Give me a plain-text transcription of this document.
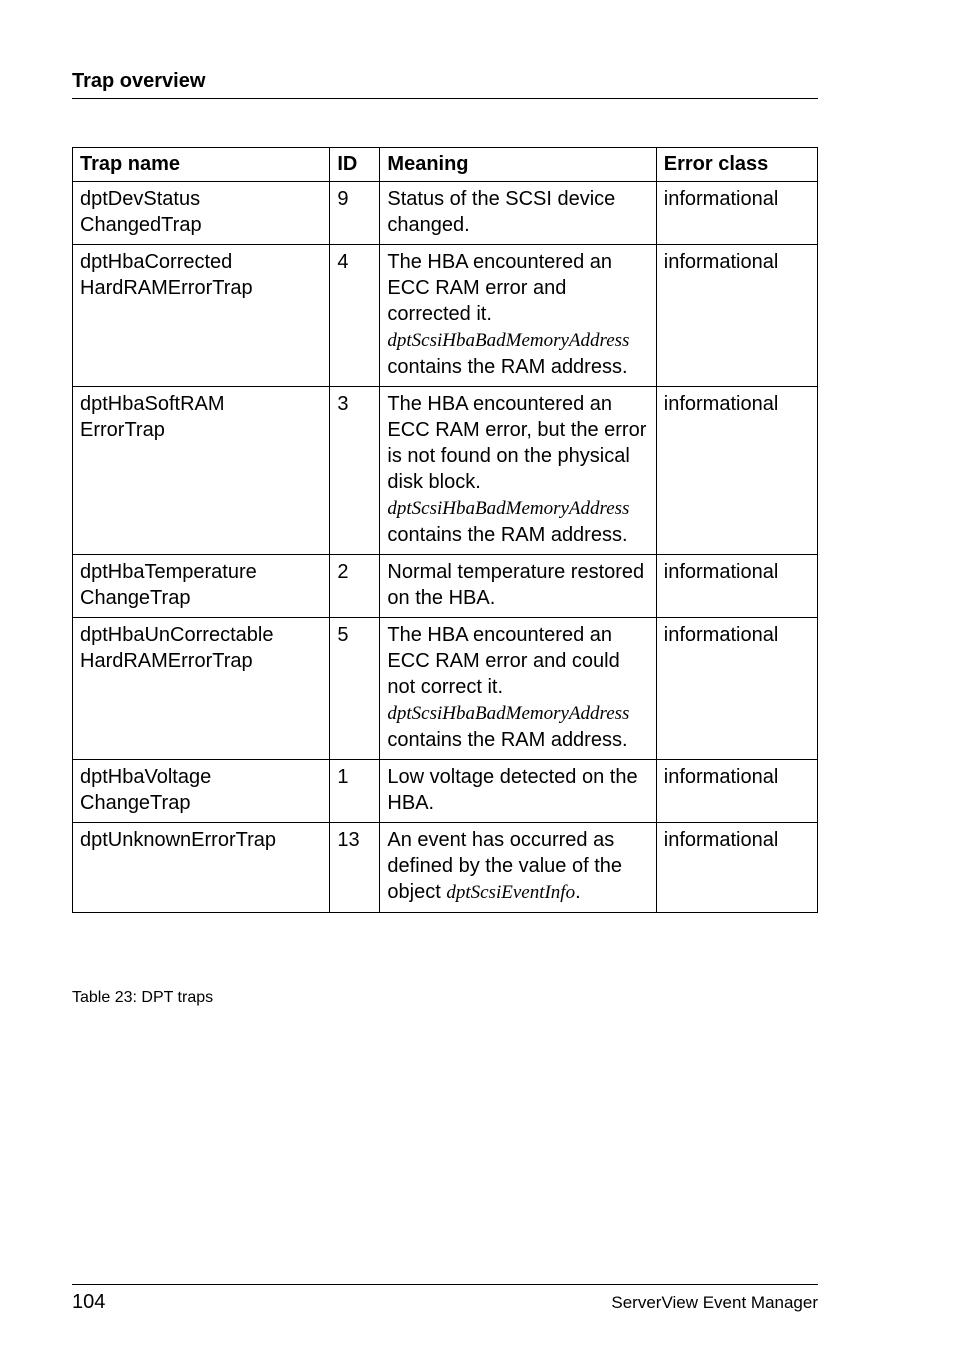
Trap overview
Trap name	ID	Meaning	Error class
dptDevStatus
ChangedTrap	9	Status of the SCSI device changed.	informational
dptHbaCorrected
HardRAMErrorTrap	4	The HBA encountered an ECC RAM error and corrected it. dptScsiHbaBadMemoryAddress contains the RAM address.	informational
dptHbaSoftRAM
ErrorTrap	3	The HBA encountered an ECC RAM error, but the error is not found on the physical disk block. dptScsiHbaBadMemoryAddress contains the RAM address.	informational
dptHbaTemperature
ChangeTrap	2	Normal temperature restored on the HBA.	informational
dptHbaUnCorrectable
HardRAMErrorTrap	5	The HBA encountered an ECC RAM error and could not correct it. dptScsiHbaBadMemoryAddress contains the RAM address.	informational
dptHbaVoltage
ChangeTrap	1	Low voltage detected on the HBA.	informational
dptUnknownErrorTrap	13	An event has occurred as defined by the value of the object dptScsiEventInfo.	informational
Table 23: DPT traps
104	ServerView Event Manager
